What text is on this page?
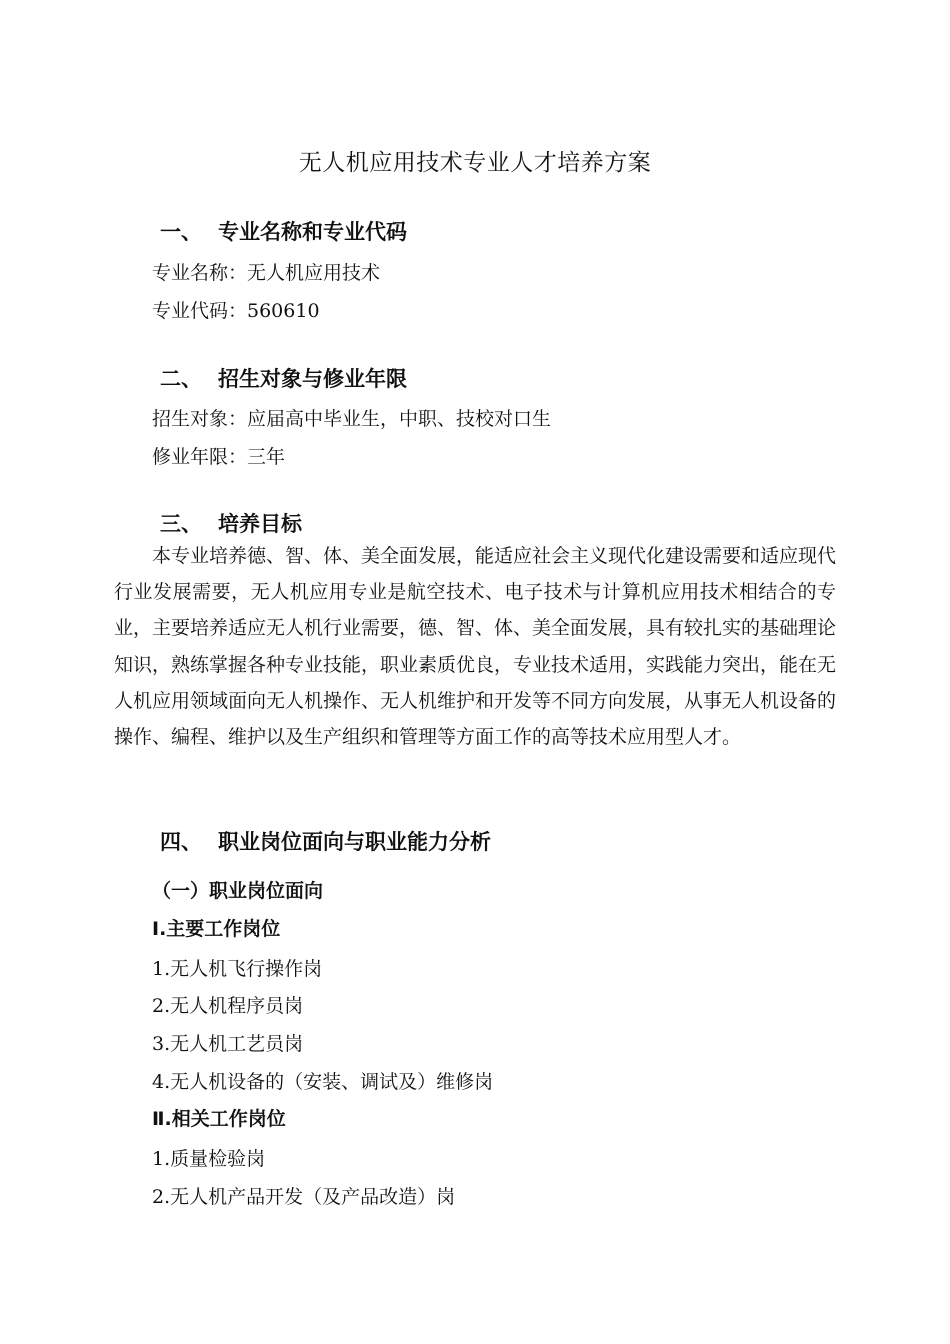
无人机应用技术专业人才培养方案
一、 专业名称和专业代码
专业名称：无人机应用技术
专业代码：560610
二、 招生对象与修业年限
招生对象：应届高中毕业生，中职、技校对口生
修业年限：三年
三、 培养目标

本专业培养德、智、体、美全面发展，能适应社会主义现代化建设需要和适应现代行业发展需要，无人机应用专业是航空技术、电子技术与计算机应用技术相结合的专业，主要培养适应无人机行业需要，德、智、体、美全面发展，具有较扎实的基础理论知识，熟练掌握各种专业技能，职业素质优良，专业技术适用，实践能力突出，能在无人机应用领域面向无人机操作、无人机维护和开发等不同方向发展，从事无人机设备的操作、编程、维护以及生产组织和管理等方面工作的高等技术应用型人才。

四、 职业岗位面向与职业能力分析
（一）职业岗位面向
Ⅰ.主要工作岗位
1.无人机飞行操作岗
2.无人机程序员岗
3.无人机工艺员岗
4.无人机设备的（安装、调试及）维修岗
Ⅱ.相关工作岗位
1.质量检验岗
2.无人机产品开发（及产品改造）岗
